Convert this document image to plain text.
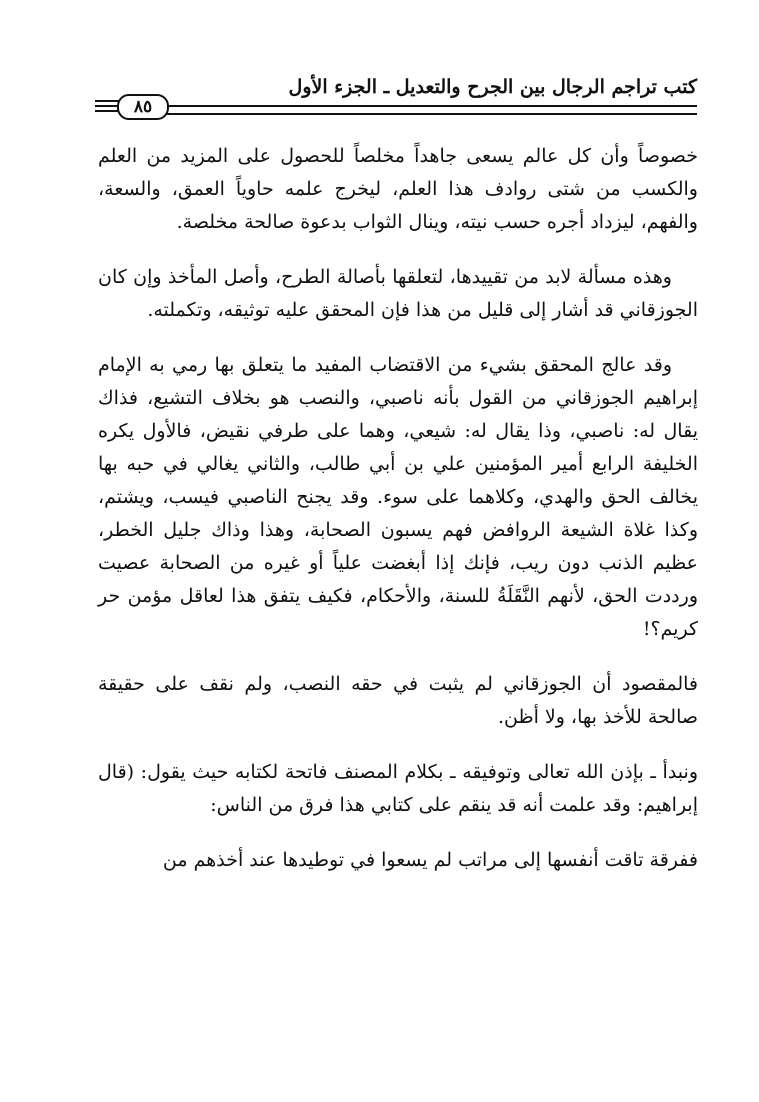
كتب تراجم الرجال بين الجرح والتعديل ـ الجزء الأول
٨٥

خصوصاً وأن كل عالم يسعى جاهداً مخلصاً للحصول على المزيد من العلم والكسب من شتى روادف هذا العلم، ليخرج علمه حاوياً العمق، والسعة، والفهم، ليزداد أجره حسب نيته، وينال الثواب بدعوة صالحة مخلصة.

وهذه مسألة لابد من تقييدها، لتعلقها بأصالة الطرح، وأصل المأخذ وإن كان الجوزقاني قد أشار إلى قليل من هذا فإن المحقق عليه توثيقه، وتكملته.

وقد عالج المحقق بشيء من الاقتضاب المفيد ما يتعلق بها رمي به الإمام إبراهيم الجوزقاني من القول بأنه ناصبي، والنصب هو بخلاف التشيع، فذاك يقال له: ناصبي، وذا يقال له: شيعي، وهما على طرفي نقيض، فالأول يكره الخليفة الرابع أمير المؤمنين علي بن أبي طالب، والثاني يغالي في حبه بها يخالف الحق والهدي، وكلاهما على سوء. وقد يجنح الناصبي فيسب، ويشتم، وكذا غلاة الشيعة الروافض فهم يسبون الصحابة، وهذا وذاك جليل الخطر، عظيم الذنب دون ريب، فإنك إذا أبغضت علياً أو غيره من الصحابة عصيت ورددت الحق، لأنهم النَّقَلَةُ للسنة، والأحكام، فكيف يتفق هذا لعاقل مؤمن حر كريم؟!

فالمقصود أن الجوزقاني لم يثبت في حقه النصب، ولم نقف على حقيقة صالحة للأخذ بها، ولا أظن.

ونبدأ ـ بإذن الله تعالى وتوفيقه ـ بكلام المصنف فاتحة لكتابه حيث يقول: (قال إبراهيم: وقد علمت أنه قد ينقم على كتابي هذا فرق من الناس:

ففرقة تاقت أنفسها إلى مراتب لم يسعوا في توطيدها عند أخذهم من
